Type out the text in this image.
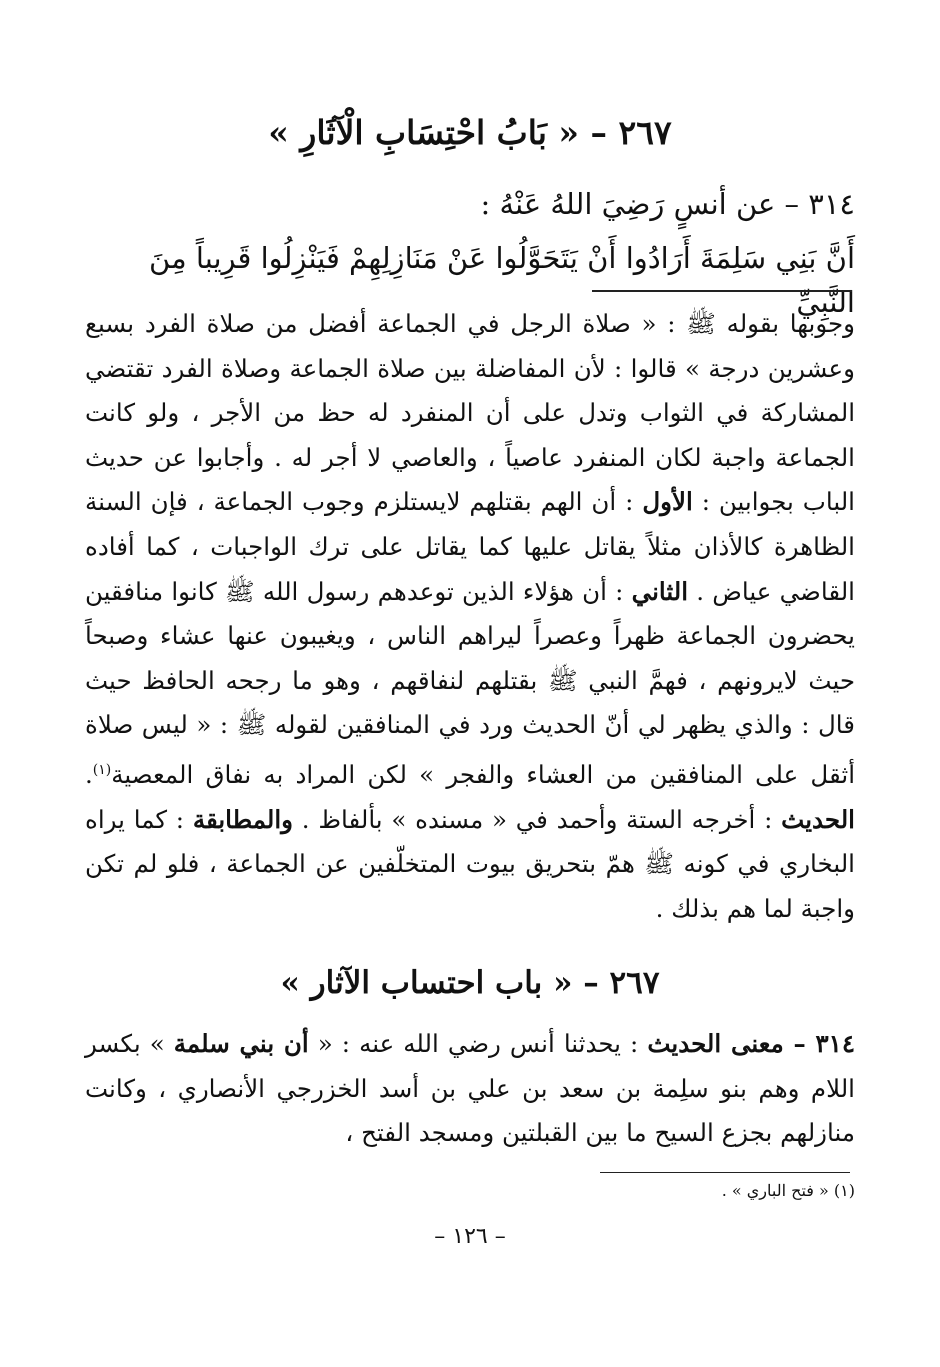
٢٦٧ – « بَابُ احْتِسَابِ الْآثَارِ »
٣١٤ – عن أنسٍ رَضِيَ اللهُ عَنْهُ :
أَنَّ بَنِي سَلِمَةَ أَرَادُوا أَنْ يَتَحَوَّلُوا عَنْ مَنَازِلِهِمْ فَيَنْزِلُوا قَرِيباً مِنَ النَّبِيِّ
وجوبها بقوله ﷺ : « صلاة الرجل في الجماعة أفضل من صلاة الفرد بسبع وعشرين درجة » قالوا : لأن المفاضلة بين صلاة الجماعة وصلاة الفرد تقتضي المشاركة في الثواب وتدل على أن المنفرد له حظ من الأجر ، ولو كانت الجماعة واجبة لكان المنفرد عاصياً ، والعاصي لا أجر له . وأجابوا عن حديث الباب بجوابين : الأول : أن الهم بقتلهم لايستلزم وجوب الجماعة ، فإن السنة الظاهرة كالأذان مثلاً يقاتل عليها كما يقاتل على ترك الواجبات ، كما أفاده القاضي عياض . الثاني : أن هؤلاء الذين توعدهم رسول الله ﷺ كانوا منافقين يحضرون الجماعة ظهراً وعصراً ليراهم الناس ، ويغيبون عنها عشاء وصبحاً حيث لايرونهم ، فهمَّ النبي ﷺ بقتلهم لنفاقهم ، وهو ما رجحه الحافظ حيث قال : والذي يظهر لي أنّ الحديث ورد في المنافقين لقوله ﷺ : « ليس صلاة أثقل على المنافقين من العشاء والفجر » لكن المراد به نفاق المعصية$^{(١)}$. الحديث : أخرجه الستة وأحمد في « مسنده » بألفاظ . والمطابقة : كما يراه البخاري في كونه ﷺ همّ بتحريق بيوت المتخلّفين عن الجماعة ، فلو لم تكن واجبة لما هم بذلك .
٢٦٧ – « باب احتساب الآثار »
٣١٤ – معنى الحديث : يحدثنا أنس رضي الله عنه : « أن بني سلمة » بكسر اللام وهم بنو سلِمة بن سعد بن علي بن أسد الخزرجي الأنصاري ، وكانت منازلهم بجزع السيح ما بين القبلتين ومسجد الفتح ،
(١) « فتح الباري » .
– ١٢٦ –
